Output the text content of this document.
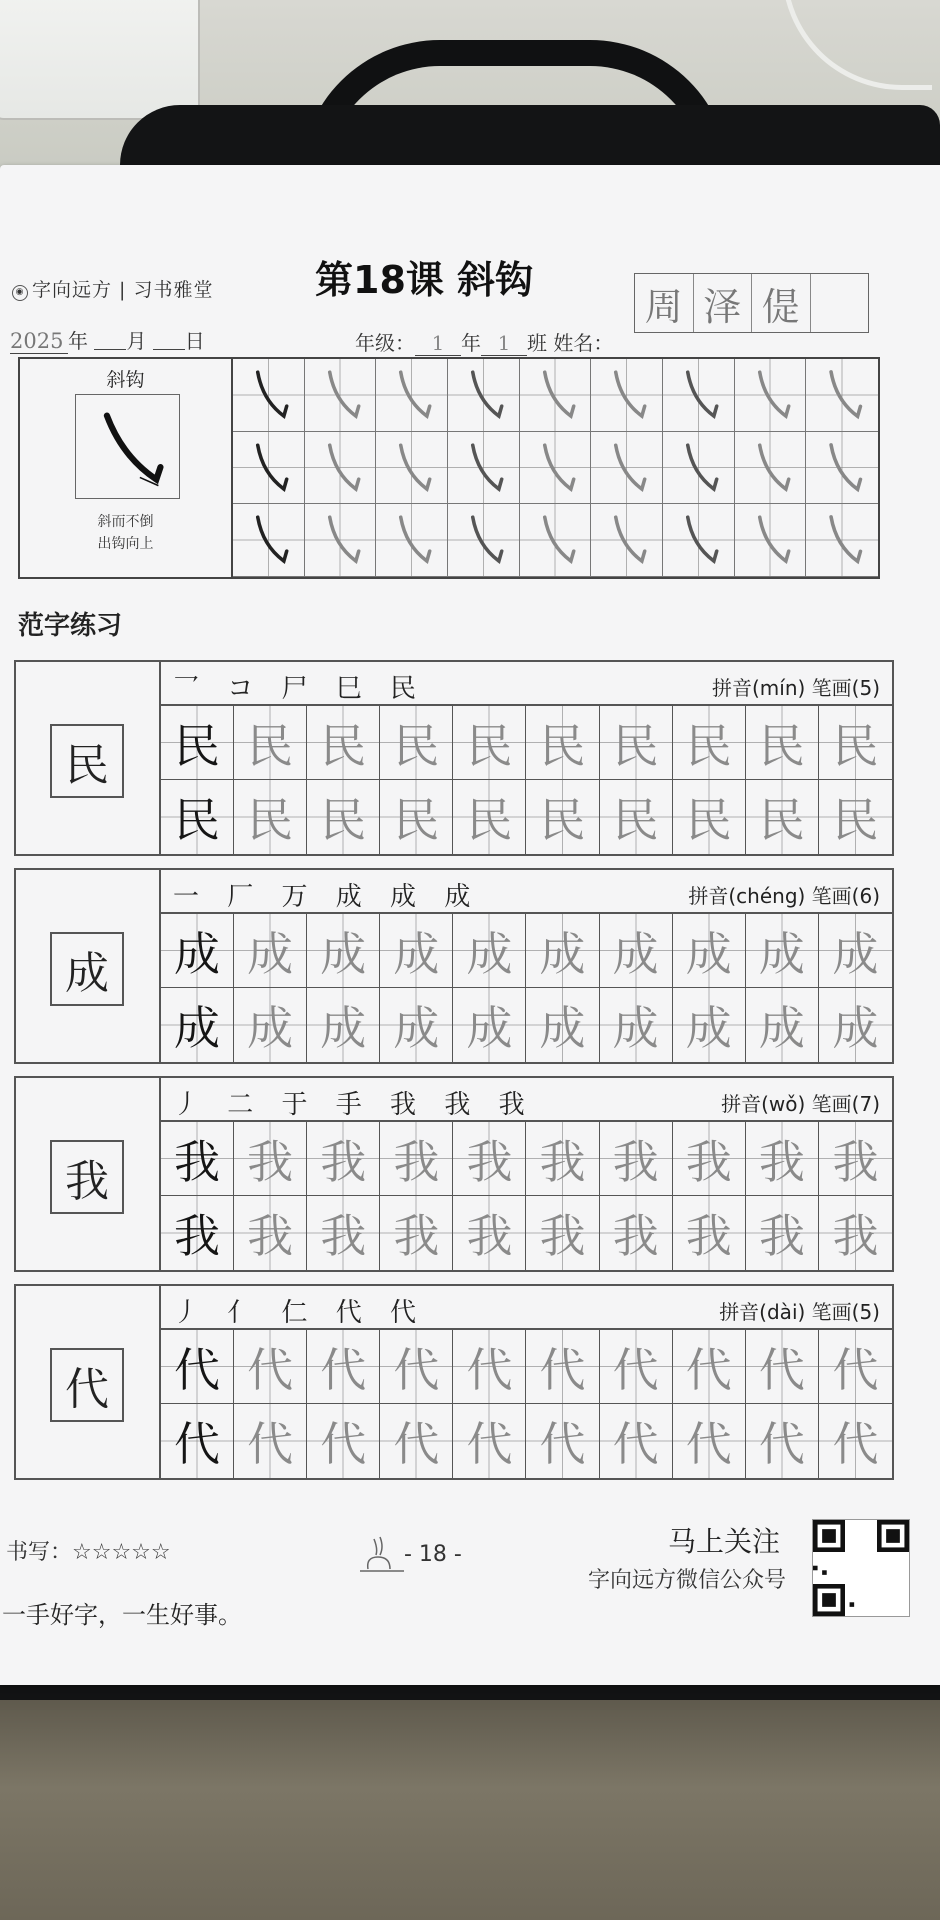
◉ 字向远方 | 习书雅堂	第18课 斜钩
2025 年 月 日	年级： 1 年 1 班 姓名：
周 泽 偍
斜钩
斜而不倒
出钩向上
范字练习
民
乛 コ 尸 巳 民	拼音(mín) 笔画(5)
民 民 民 民 民 民 民 民 民 民
民 民 民 民 民 民 民 民 民 民
成
一 厂 万 成 成 成	拼音(chéng) 笔画(6)
成 成 成 成 成 成 成 成 成 成
成 成 成 成 成 成 成 成 成 成
我
丿 二 于 手 我 我 我	拼音(wǒ) 笔画(7)
我 我 我 我 我 我 我 我 我 我
我 我 我 我 我 我 我 我 我 我
代
丿 亻 仁 代 代	拼音(dài) 笔画(5)
代 代 代 代 代 代 代 代 代 代
代 代 代 代 代 代 代 代 代 代
书写：☆☆☆☆☆
一手好字，一生好事。
- 18 -	马上关注
字向远方微信公众号
